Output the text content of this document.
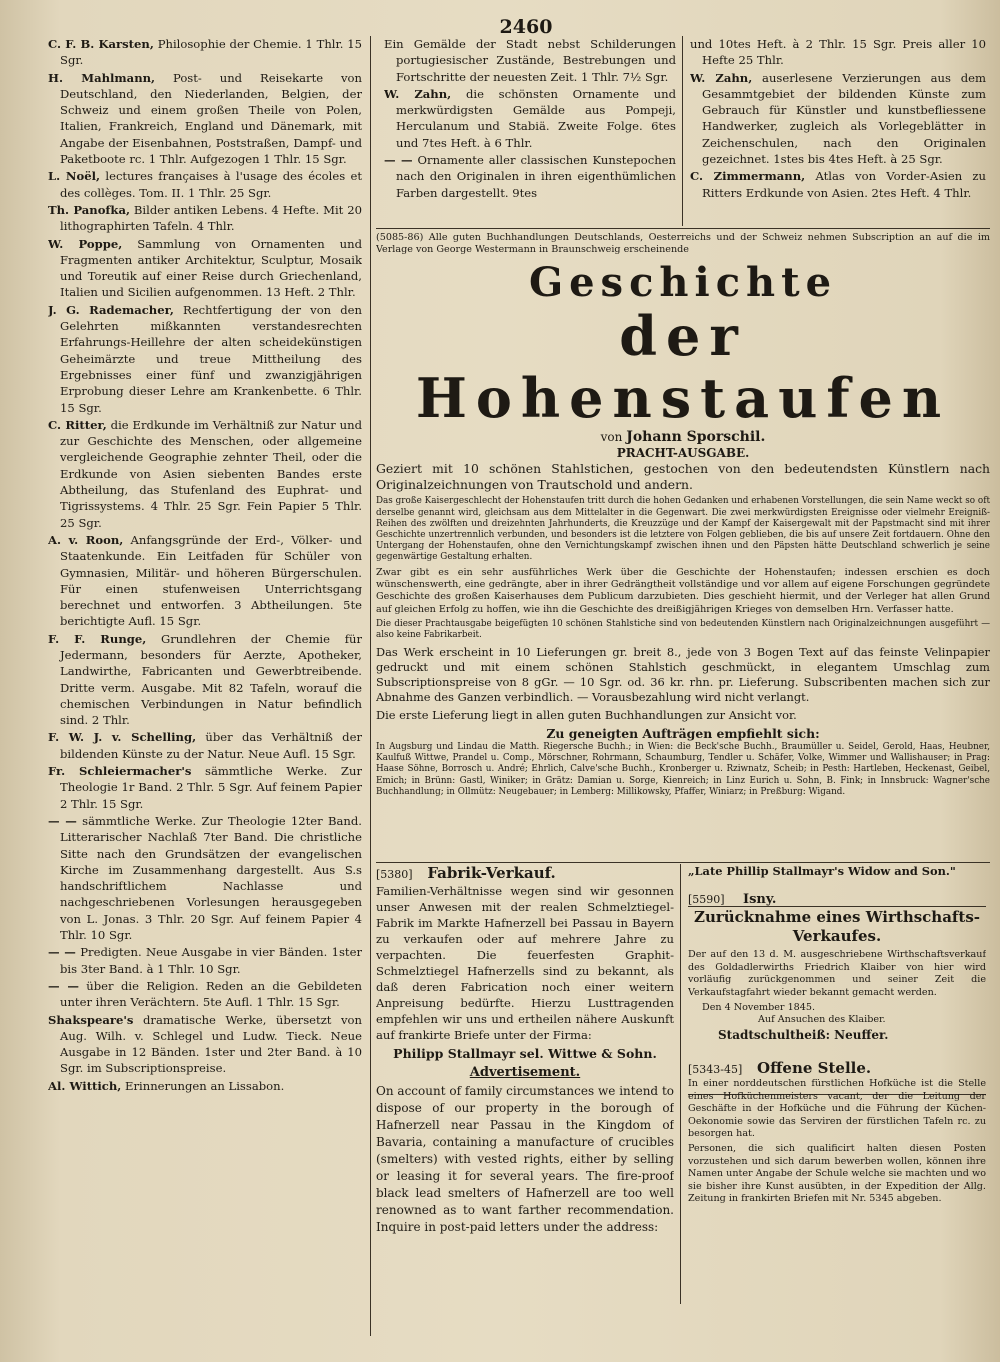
2460
C. F. B. Karsten, Philosophie der Chemie. 1 Thlr. 15 Sgr.
H. Mahlmann, Post- und Reisekarte von Deutschland, den Niederlanden, Belgien, der Schweiz und einem großen Theile von Polen, Italien, Frankreich, England und Dänemark, mit Angabe der Eisenbahnen, Poststraßen, Dampf- und Paketboote rc. 1 Thlr. Aufgezogen 1 Thlr. 15 Sgr.
L. Noël, lectures françaises à l'usage des écoles et des collèges. Tom. II. 1 Thlr. 25 Sgr.
Th. Panofka, Bilder antiken Lebens. 4 Hefte. Mit 20 lithographirten Tafeln. 4 Thlr.
W. Poppe, Sammlung von Ornamenten und Fragmenten antiker Architektur, Sculptur, Mosaik und Toreutik auf einer Reise durch Griechenland, Italien und Sicilien aufgenommen. 13 Heft. 2 Thlr.
J. G. Rademacher, Rechtfertigung der von den Gelehrten mißkannten verstandesrechten Erfahrungs-Heillehre der alten scheidekünstigen Geheimärzte und treue Mittheilung des Ergebnisses einer fünf und zwanzigjährigen Erprobung dieser Lehre am Krankenbette. 6 Thlr. 15 Sgr.
C. Ritter, die Erdkunde im Verhältniß zur Natur und zur Geschichte des Menschen, oder allgemeine vergleichende Geographie zehnter Theil, oder die Erdkunde von Asien siebenten Bandes erste Abtheilung, das Stufenland des Euphrat- und Tigrissystems. 4 Thlr. 25 Sgr. Fein Papier 5 Thlr. 25 Sgr.
A. v. Roon, Anfangsgründe der Erd-, Völker- und Staatenkunde. Ein Leitfaden für Schüler von Gymnasien, Militär- und höheren Bürgerschulen. Für einen stufenweisen Unterrichtsgang berechnet und entworfen. 3 Abtheilungen. 5te berichtigte Aufl. 15 Sgr.
F. F. Runge, Grundlehren der Chemie für Jedermann, besonders für Aerzte, Apotheker, Landwirthe, Fabricanten und Gewerbtreibende. Dritte verm. Ausgabe. Mit 82 Tafeln, worauf die chemischen Verbindungen in Natur befindlich sind. 2 Thlr.
F. W. J. v. Schelling, über das Verhältniß der bildenden Künste zu der Natur. Neue Aufl. 15 Sgr.
Fr. Schleiermacher's sämmtliche Werke. Zur Theologie 1r Band. 2 Thlr. 5 Sgr. Auf feinem Papier 2 Thlr. 15 Sgr.
— — sämmtliche Werke. Zur Theologie 12ter Band. Litterarischer Nachlaß 7ter Band. Die christliche Sitte nach den Grundsätzen der evangelischen Kirche im Zusammenhang dargestellt. Aus S.s handschriftlichem Nachlasse und nachgeschriebenen Vorlesungen herausgegeben von L. Jonas. 3 Thlr. 20 Sgr. Auf feinem Papier 4 Thlr. 10 Sgr.
— — Predigten. Neue Ausgabe in vier Bänden. 1ster bis 3ter Band. à 1 Thlr. 10 Sgr.
— — über die Religion. Reden an die Gebildeten unter ihren Verächtern. 5te Aufl. 1 Thlr. 15 Sgr.
Shakspeare's dramatische Werke, übersetzt von Aug. Wilh. v. Schlegel und Ludw. Tieck. Neue Ausgabe in 12 Bänden. 1ster und 2ter Band. à 10 Sgr. im Subscriptionspreise.
Al. Wittich, Erinnerungen an Lissabon.
Ein Gemälde der Stadt nebst Schilderungen portugiesischer Zustände, Bestrebungen und Fortschritte der neuesten Zeit. 1 Thlr. 7½ Sgr.
W. Zahn, die schönsten Ornamente und merkwürdigsten Gemälde aus Pompeji, Herculanum und Stabiä. Zweite Folge. 6tes und 7tes Heft. à 6 Thlr.
— — Ornamente aller classischen Kunstepochen nach den Originalen in ihren eigenthümlichen Farben dargestellt. 9tes
und 10tes Heft. à 2 Thlr. 15 Sgr. Preis aller 10 Hefte 25 Thlr.
W. Zahn, auserlesene Verzierungen aus dem Gesammtgebiet der bildenden Künste zum Gebrauch für Künstler und kunstbefliessene Handwerker, zugleich als Vorlegeblätter in Zeichenschulen, nach den Originalen gezeichnet. 1stes bis 4tes Heft. à 25 Sgr.
C. Zimmermann, Atlas von Vorder-Asien zu Ritters Erdkunde von Asien. 2tes Heft. 4 Thlr.
(5085-86) Alle guten Buchhandlungen Deutschlands, Oesterreichs und der Schweiz nehmen Subscription an auf die im Verlage von George Westermann in Braunschweig erscheinende
Geschichte
der Hohenstaufen
von Johann Sporschil.
PRACHT-AUSGABE.
Geziert mit 10 schönen Stahlstichen, gestochen von den bedeutendsten Künstlern nach Originalzeichnungen von Trautschold und andern.
Das große Kaisergeschlecht der Hohenstaufen tritt durch die hohen Gedanken und erhabenen Vorstellungen, die sein Name weckt so oft derselbe genannt wird, gleichsam aus dem Mittelalter in die Gegenwart. Die zwei merkwürdigsten Ereignisse oder vielmehr Ereigniß-Reihen des zwölften und dreizehnten Jahrhunderts, die Kreuzzüge und der Kampf der Kaisergewalt mit der Papstmacht sind mit ihrer Geschichte unzertrennlich verbunden, und besonders ist die letztere von Folgen geblieben, die bis auf unsere Zeit fortdauern. Ohne den Untergang der Hohenstaufen, ohne den Vernichtungskampf zwischen ihnen und den Päpsten hätte Deutschland schwerlich je seine gegenwärtige Gestaltung erhalten.
Zwar gibt es ein sehr ausführliches Werk über die Geschichte der Hohenstaufen; indessen erschien es doch wünschenswerth, eine gedrängte, aber in ihrer Gedrängtheit vollständige und vor allem auf eigene Forschungen gegründete Geschichte des großen Kaiserhauses dem Publicum darzubieten. Dies geschieht hiermit, und der Verleger hat allen Grund auf gleichen Erfolg zu hoffen, wie ihn die Geschichte des dreißigjährigen Krieges von demselben Hrn. Verfasser hatte.
Die dieser Prachtausgabe beigefügten 10 schönen Stahlstiche sind von bedeutenden Künstlern nach Originalzeichnungen ausgeführt — also keine Fabrikarbeit.
Das Werk erscheint in 10 Lieferungen gr. breit 8., jede von 3 Bogen Text auf das feinste Velinpapier gedruckt und mit einem schönen Stahlstich geschmückt, in elegantem Umschlag zum Subscriptionspreise von 8 gGr. — 10 Sgr. od. 36 kr. rhn. pr. Lieferung. Subscribenten machen sich zur Abnahme des Ganzen verbindlich. — Vorausbezahlung wird nicht verlangt.
Die erste Lieferung liegt in allen guten Buchhandlungen zur Ansicht vor.
Zu geneigten Aufträgen empfiehlt sich:
In Augsburg und Lindau die Matth. Riegersche Buchh.; in Wien: die Beck'sche Buchh., Braumüller u. Seidel, Gerold, Haas, Heubner, Kaulfuß Wittwe, Prandel u. Comp., Mörschner, Rohrmann, Schaumburg, Tendler u. Schäfer, Volke, Wimmer und Wallishauser; in Prag: Haase Söhne, Borrosch u. André; Ehrlich, Calve'sche Buchh., Kronberger u. Rziwnatz, Scheib; in Pesth: Hartleben, Heckenast, Geibel, Emich; in Brünn: Gastl, Winiker; in Grätz: Damian u. Sorge, Kienreich; in Linz Eurich u. Sohn, B. Fink; in Innsbruck: Wagner'sche Buchhandlung; in Ollmütz: Neugebauer; in Lemberg: Millikowsky, Pfaffer, Winiarz; in Preßburg: Wigand.
[5380] Fabrik-Verkauf.
Familien-Verhältnisse wegen sind wir gesonnen unser Anwesen mit der realen Schmelztiegel-Fabrik im Markte Hafnerzell bei Passau in Bayern zu verkaufen oder auf mehrere Jahre zu verpachten. Die feuerfesten Graphit-Schmelztiegel Hafnerzells sind zu bekannt, als daß deren Fabrication noch einer weitern Anpreisung bedürfte. Hierzu Lusttragenden empfehlen wir uns und ertheilen nähere Auskunft auf frankirte Briefe unter der Firma:
Philipp Stallmayr sel. Wittwe & Sohn.
Advertisement.
On account of family circumstances we intend to dispose of our property in the borough of Hafnerzell near Passau in the Kingdom of Bavaria, containing a manufacture of crucibles (smelters) with vested rights, either by selling or leasing it for several years. The fire-proof black lead smelters of Hafnerzell are too well renowned as to want farther recommendation. Inquire in post-paid letters under the address:
„Late Phillip Stallmayr's Widow and Son."
[5590] Isny.
Zurücknahme eines Wirthschafts-Verkaufes.
Der auf den 13 d. M. ausgeschriebene Wirthschaftsverkauf des Goldadlerwirths Friedrich Klaiber von hier wird vorläufig zurückgenommen und seiner Zeit die Verkaufstagfahrt wieder bekannt gemacht werden.
Den 4 November 1845.
Auf Ansuchen des Klaiber.
Stadtschultheiß: Neuffer.
[5343-45] Offene Stelle.
In einer norddeutschen fürstlichen Hofküche ist die Stelle eines Hofküchenmeisters vacant, der die Leitung der Geschäfte in der Hofküche und die Führung der Küchen-Oekonomie sowie das Serviren der fürstlichen Tafeln rc. zu besorgen hat.
Personen, die sich qualificirt halten diesen Posten vorzustehen und sich darum bewerben wollen, können ihre Namen unter Angabe der Schule welche sie machten und wo sie bisher ihre Kunst ausübten, in der Expedition der Allg. Zeitung in frankirten Briefen mit Nr. 5345 abgeben.
